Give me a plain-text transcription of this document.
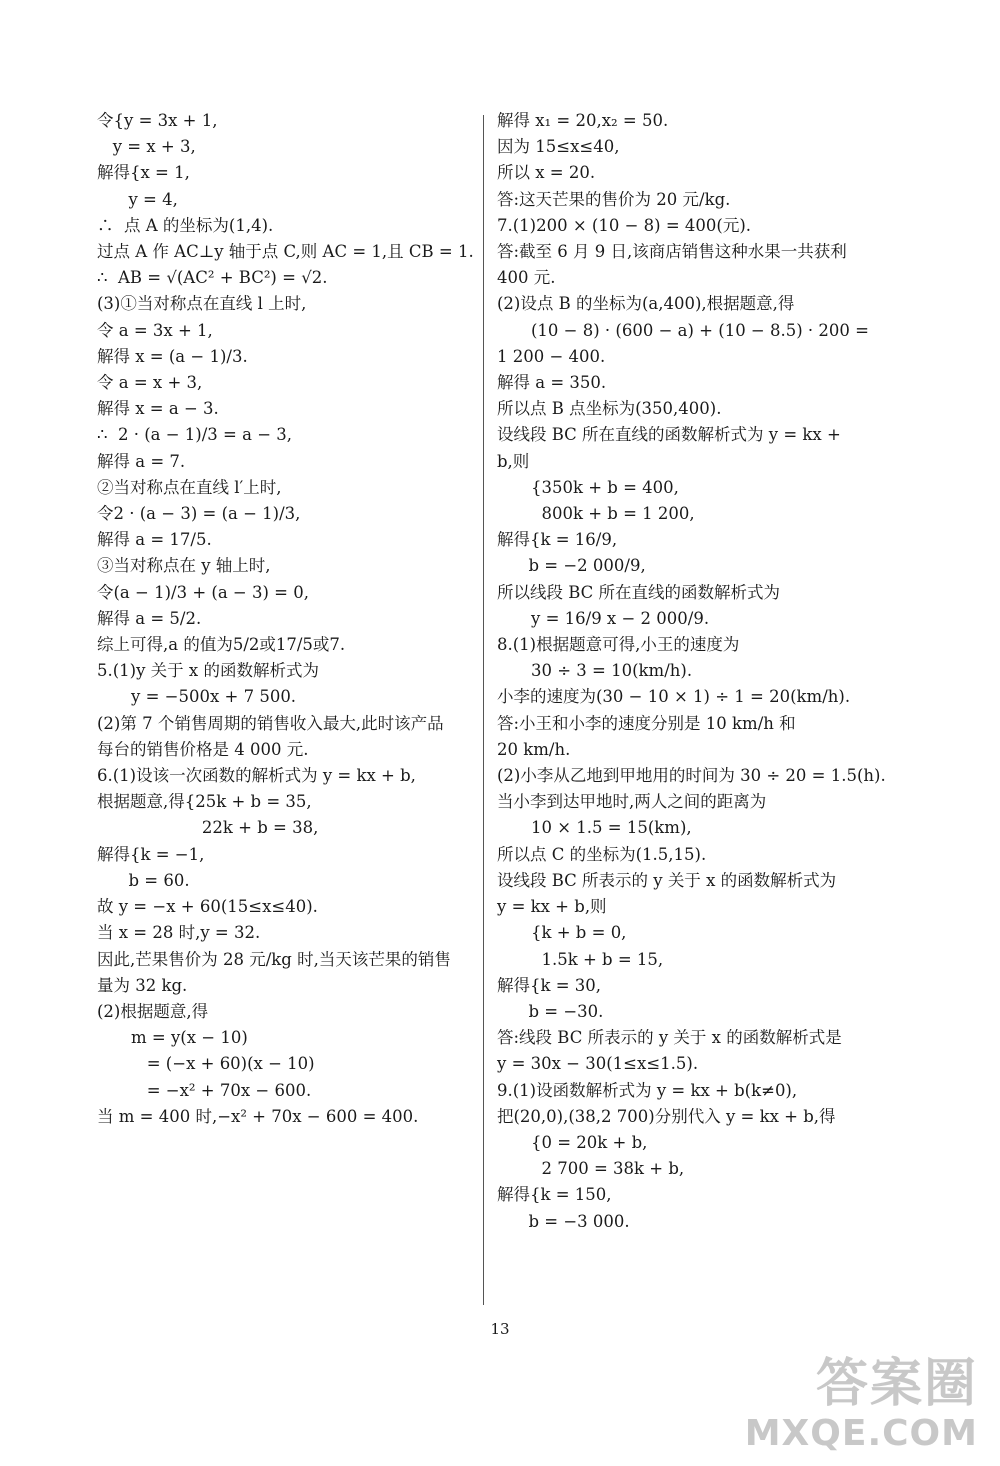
令{y = 3x + 1,
y = x + 3,
解得{x = 1,
y = 4,
∴  点 A 的坐标为(1,4).
过点 A 作 AC⊥y 轴于点 C,则 AC = 1,且 CB = 1.
∴  AB = √(AC² + BC²) = √2.
(3)①当对称点在直线 l 上时,
令 a = 3x + 1,
解得 x = (a − 1)/3.
令 a = x + 3,
解得 x = a − 3.
∴  2 · (a − 1)/3 = a − 3,
解得 a = 7.
②当对称点在直线 l′上时,
令2 · (a − 3) = (a − 1)/3,
解得 a = 17/5.
③当对称点在 y 轴上时,
令(a − 1)/3 + (a − 3) = 0,
解得 a = 5/2.
综上可得,a 的值为5/2或17/5或7.
5.(1)y 关于 x 的函数解析式为
y = −500x + 7 500.
(2)第 7 个销售周期的销售收入最大,此时该产品
每台的销售价格是 4 000 元.
6.(1)设该一次函数的解析式为 y = kx + b,
根据题意,得{25k + b = 35,
22k + b = 38,
解得{k = −1,
b = 60.
故 y = −x + 60(15≤x≤40).
当 x = 28 时,y = 32.
因此,芒果售价为 28 元/kg 时,当天该芒果的销售
量为 32 kg.
(2)根据题意,得
m = y(x − 10)
= (−x + 60)(x − 10)
= −x² + 70x − 600.
当 m = 400 时,−x² + 70x − 600 = 400.
解得 x₁ = 20,x₂ = 50.
因为 15≤x≤40,
所以 x = 20.
答:这天芒果的售价为 20 元/kg.
7.(1)200 × (10 − 8) = 400(元).
答:截至 6 月 9 日,该商店销售这种水果一共获利
400 元.
(2)设点 B 的坐标为(a,400),根据题意,得
(10 − 8) · (600 − a) + (10 − 8.5) · 200 =
1 200 − 400.
解得 a = 350.
所以点 B 点坐标为(350,400).
设线段 BC 所在直线的函数解析式为 y = kx +
b,则
{350k + b = 400,
800k + b = 1 200,
解得{k = 16/9,
b = −2 000/9,
所以线段 BC 所在直线的函数解析式为
y = 16/9 x − 2 000/9.
8.(1)根据题意可得,小王的速度为
30 ÷ 3 = 10(km/h).
小李的速度为(30 − 10 × 1) ÷ 1 = 20(km/h).
答:小王和小李的速度分别是 10 km/h 和
20 km/h.
(2)小李从乙地到甲地用的时间为 30 ÷ 20 = 1.5(h).
当小李到达甲地时,两人之间的距离为
10 × 1.5 = 15(km),
所以点 C 的坐标为(1.5,15).
设线段 BC 所表示的 y 关于 x 的函数解析式为
y = kx + b,则
{k + b = 0,
1.5k + b = 15,
解得{k = 30,
b = −30.
答:线段 BC 所表示的 y 关于 x 的函数解析式是
y = 30x − 30(1≤x≤1.5).
9.(1)设函数解析式为 y = kx + b(k≠0),
把(20,0),(38,2 700)分别代入 y = kx + b,得
{0 = 20k + b,
2 700 = 38k + b,
解得{k = 150,
b = −3 000.
13
答案圈
MXQE.COM
